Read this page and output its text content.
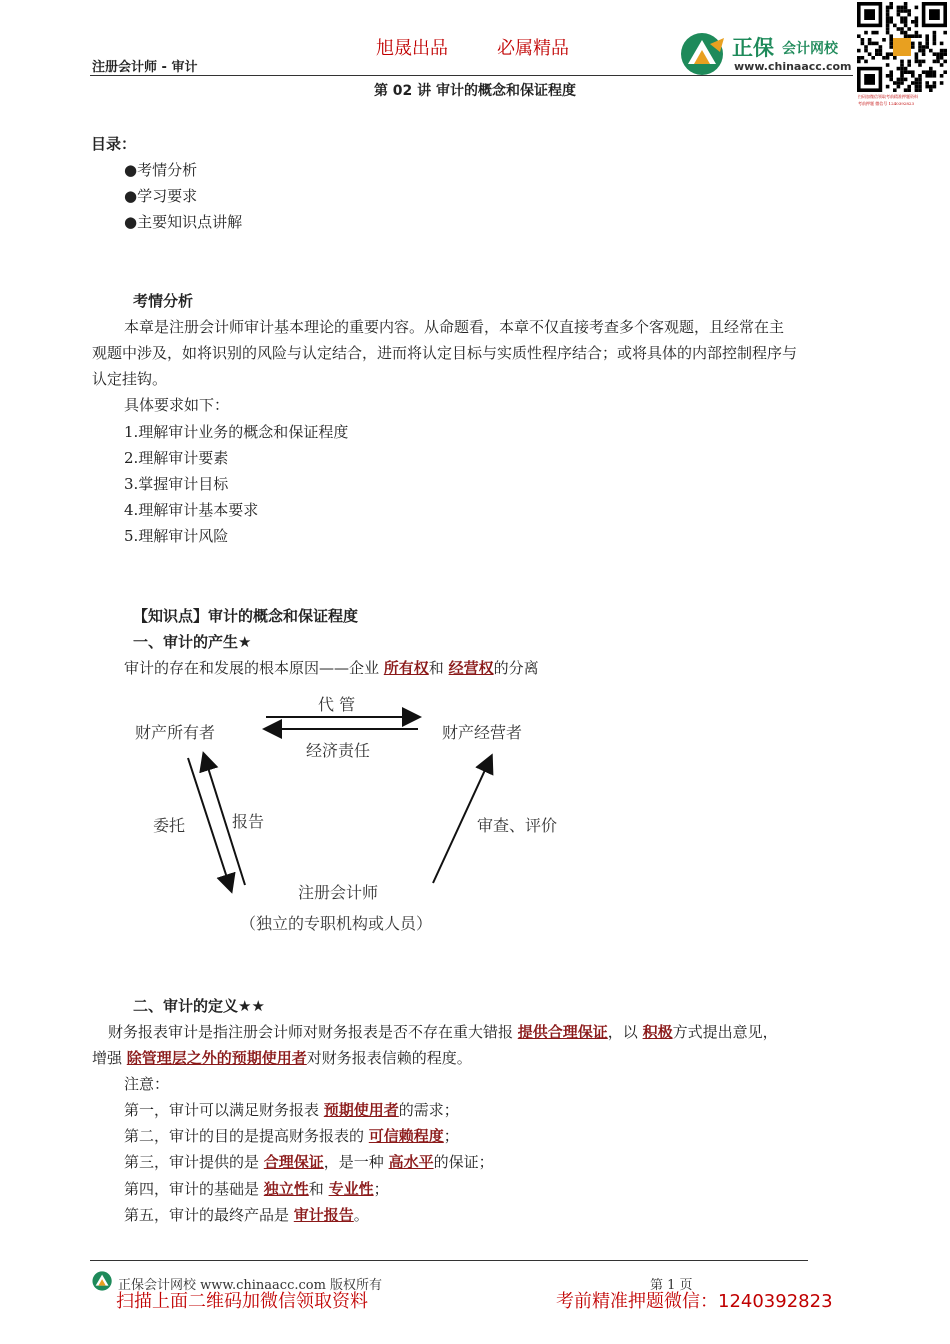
旭晟出品	必属精品
注册会计师 - 审计
正保 会计网校
www.chinaacc.com
扫码加微信领取考前精准押题资料
考前押题 微信号 1240392823
第 02 讲 审计的概念和保证程度
目录：
●考情分析
●学习要求
●主要知识点讲解
考情分析
本章是注册会计师审计基本理论的重要内容。从命题看，本章不仅直接考查多个客观题，且经常在主
观题中涉及，如将识别的风险与认定结合，进而将认定目标与实质性程序结合；或将具体的内部控制程序与
认定挂钩。
具体要求如下：
1.理解审计业务的概念和保证程度
2.理解审计要素
3.掌握审计目标
4.理解审计基本要求
5.理解审计风险
【知识点】审计的概念和保证程度
一、审计的产生★
审计的存在和发展的根本原因——企业 所有权和 经营权的分离
财产所有者	财产经营者
代 管
经济责任
委托	报告	审查、评价
注册会计师
（独立的专职机构或人员）
二、审计的定义★★
财务报表审计是指注册会计师对财务报表是否不存在重大错报 提供合理保证，以 积极方式提出意见，
增强 除管理层之外的预期使用者对财务报表信赖的程度。
注意：
第一，审计可以满足财务报表 预期使用者的需求；
第二，审计的目的是提高财务报表的 可信赖程度；
第三，审计提供的是 合理保证，是一种 高水平的保证；
第四，审计的基础是 独立性和 专业性；
第五，审计的最终产品是 审计报告。
正保会计网校 www.chinaacc.com 版权所有	第 1 页
扫描上面二维码加微信领取资料	考前精准押题微信：1240392823
